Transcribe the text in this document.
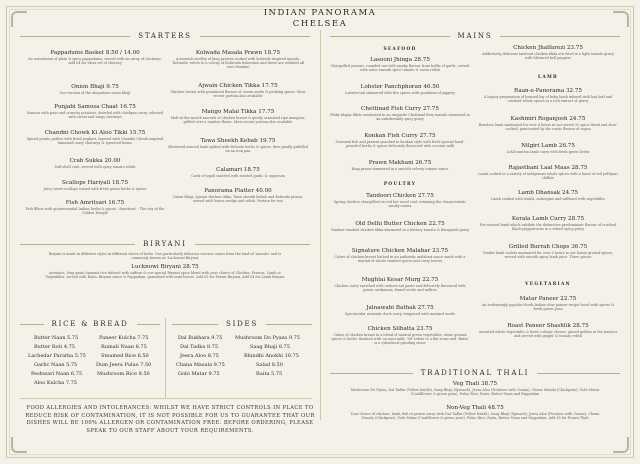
INDIAN PANORAMA
CHELSEA
STARTERS
Pappadums Basket 8.50 / 14.00
An assortment of plain & spicy pappadums, served with an array of chutneys. Add £4 for extra set of chutney
Onion Bhaji 9.75
Our version of the ubiquitous onion bhaji
Punjabi Samosa Chaat 16.75
Samosa with peas and crunchy potatoes, drizzled with chickpea curry, adorned with sweet and tangy chutneys
Chandni Chowk Ki Aloo Tikki 15.75
Spiced potato patties with fresh yoghurt, layered with Chandni Chowk inspired tamarind curry chutneys & sprouted beans
Crab Sukka 20.00
Soft shell crab, served with spicy tomato relish
Scallops Hariyali 18.75
Juicy sweet scallops tossed with fresh green herbs & spices
Fish Amritsari 16.75
Fish fillets with quintessential Indian herbs & spices. 'Amritsari' - The city of the Golden Temple
Kolwada Masala Prawn 18.75
A moreish medley of king prawns cooked with kolwada inspired masala. 'Kolwada' refers to a colony of Koliwada fishermen and these are relished all over Mumbai
Ajwain Chicken Tikka 17.75
Chicken breast with prominent flavour of carom seeds & pickling spices. Most recent portion also available
Mango Malai Tikka 17.75
Melt-in-the-mouth morsels of chicken breast & gently seasoned ripe mangoes, grilled over a tandoor flame. Most recent portion also available
Tawa Sheekh Kebab 19.75
Skewered minced lamb spiked with delicate herbs & spices, then gently griddled on an iron pan
Calamari 18.75
Curls of squid sautéed with roasted garlic & capsicum
Panorama Platter 40.00
Onion Bhaji, Ajwain chicken tikka, Tawa sheekh kebab and Kolwada prawn, served with lemon wedge and relish. Portion for two
BIRYANI
Biryani is made in different styles in different states of India. One particularly delicious version comes from the land of 'nawabs' and is commonly known as 'Lucknowi Biryani'
Lucknowi Biryani 28.75
Aromatic, long grain basmati rice infused with saffron & our special Biryani spice blend with your choice of Chicken, Prawns, Lamb or Vegetables, served with Raita. Biryani sauce & Pappadum, garnished with mint leaves. Add £5 for Prawn Biryani, Add £4 for Lamb Biryani
RICE & BREAD
Butter Naan 5.75
Butter Roti 4.75
Lachedar Paratha 5.75
Garlic Naan 5.75
Peshwari Naan 6.75
Aloo Kulcha 7.75
Paneer Kulcha 7.75
Rumali Naan 8.75
Steamed Rice 6.50
Dum Jeera Pulao 7.50
Mushroom Rice 8.50
SIDES
Dal Bukhara 9.75
Dal Tadka 8.75
Jeera Aloo 8.75
Chana Masala 9.75
Gobi Matar 9.75
Mushroom Do Pyaza 9.75
Saag Bhaji 8.75
Bhindhi Anokhi 10.75
Salad 8.50
Raita 5.75
FOOD ALLERGIES AND INTOLERANCES: WHILST WE HAVE STRICT CONTROLS IN PLACE TO REDUCE RISK OF CONTAMINATION, IT IS NOT POSSIBLE FOR US TO GUARANTEE THAT OUR DISHES WILL BE 100% ALLERGEN OR CONTAMINATION FREE. BEFORE ORDERING, PLEASE SPEAK TO OUR STAFF ABOUT YOUR REQUIREMENTS.
MAINS
SEAFOOD
Lasooni Jhinga 28.75
Chargrilled prawns, rounded out with smoky flavour from bulbs of garlic, served with saloo smooth spice tomato & onion relish
Lobster Panchphoran 46.50
Lobster tail simmered with five spices with goodness of jaggery
Chettinad Fish Curry 27.75
Flaky tilapia fillets marinated in an exquisite Chettinad fiery masala simmered in an unbelievably spicy gravy
Konkan Fish Curry 27.75
Seasonal fish and prawns poached in konkan style with fresh special hand-pounded herbs & spices delicately flavoured with coconut milk
Prawn Makhani 26.75
King prawn simmered in a smooth velvety tomato sauce
POULTRY
Tandoori Chicken 27.75
Spring chicken chargrilled on red hot wood coal, retaining the characteristic smoky aroma
Old Delhi Butter Chicken 22.75
Tandoor-smoked chicken tikka simmered in a buttery tomato & fenugreek gravy
Signature Chicken Malabar 23.75
Cubes of chicken breast bathed in an authentic malabari sauce made with a myriad of whole crushed spices and curry leaves
Mughlai Kesar Murg 22.75
Chicken curry enriched with cashew nut paste and delicately flavoured with green cardamom, fennel seeds and saffron
Jalnawabi Bathak 27.75
Spectacular aromatic duck curry, tempered with mustard seeds
Chicken Silbatta 23.75
Cubes of chicken breast in a blend of natural green vegetables, stone ground spices & herbs, finished with coconut milk. 'Sil' refers to a flat stone and 'Batta' is a cylindrical grinding stone
Chicken Jhalfarezi 23.75
Addictively delicious tandoori chicken tikka stir fried in a light tomato gravy with blistered bell peppers
LAMB
Raan-e-Panorama 32.75
A legacy preparation of braised leg of baby lamb infused with bay leaf and crushed whole spices in a rich extract of gravy
Kashmiri Roganjosh 24.75
Boneless lamb marinated for over 6 hours in our secret 33 spice blend and slow-cooked, punctuated by the rustic flavour of rogan
Nilgiri Lamb 26.75
A full mutton lamb curry with fresh green herbs
Rajasthani Laal Maas 28.75
Lamb cooked in a variety of indigenous whole spices with a burst of red jodhpuri chillies
Lamb Dhansak 24.75
Lamb cooked with lentils, aubergine and saffrond with vegetables
Kerala Lamb Curry 28.75
Pot-roasted lamb which exhibits the distinctive predominant flavour of crushed black peppercorns in a robust spicy gravy
Grilled Burrah Chops 36.75
Tender lamb cutlets marinated for over 8 hours in our house ground spices, served with smooth spicy lamb juice. Three pieces
VEGETARIAN
Matar Paneer 22.75
An endearingly popular North Indian slow paneer recipe laced with spices & fresh green peas
Roast Paneer Shashlik 28.75
Assorted whole vegetables & fresh cottage cheese, glazed golden in the tandoor and served with ginger & tomato relish
TRADITIONAL THALI
Veg Thali 38.75
Mushroom Do Pyaza, Dal Tadka (Yellow lentils), Saag Bhaji (Spinach), Jeera Aloo (Potatoes with Cumin), Chana Masala (Chickpeas), Gobi Matar (Cauliflower & green peas), Pulao Rice, Raita, Butter Naan and Pappadum
Non-Veg Thali 48.75
Your choice of chicken, lamb, fish or prawn curry with Dal Tadka (Yellow lentils), Saag Bhaji (Spinach), Jeera Aloo (Potatoes with Cumin), Chana Masala (Chickpeas), Gobi Matar (Cauliflower & green peas), Pulao Rice, Raita, Butter Naan and Pappadum. Add £5 for Prawn Thali
